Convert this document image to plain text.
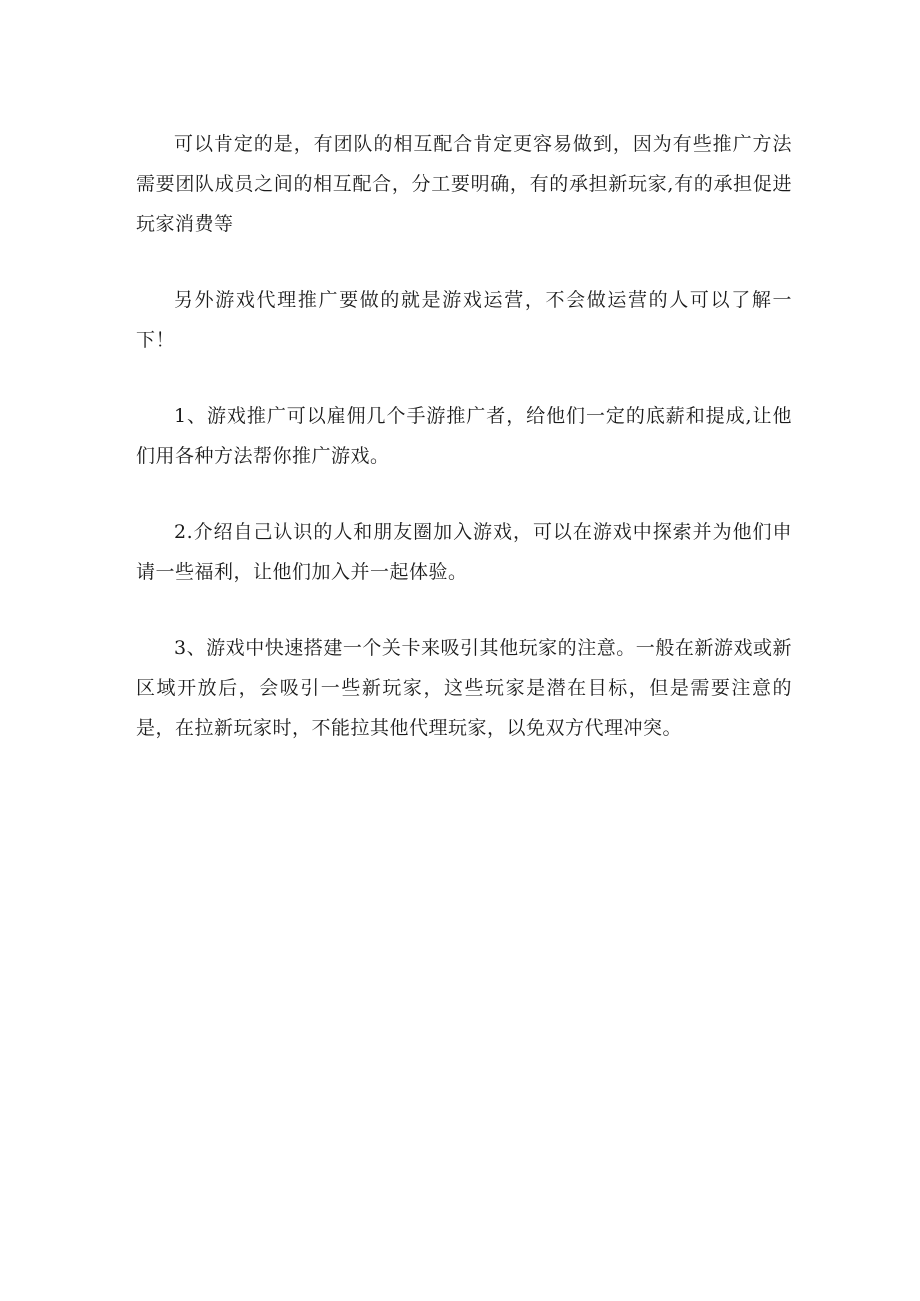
可以肯定的是，有团队的相互配合肯定更容易做到，因为有些推广方法需要团队成员之间的相互配合，分工要明确，有的承担新玩家,有的承担促进玩家消费等

另外游戏代理推广要做的就是游戏运营，不会做运营的人可以了解一下！

1、游戏推广可以雇佣几个手游推广者，给他们一定的底薪和提成,让他们用各种方法帮你推广游戏。

2.介绍自己认识的人和朋友圈加入游戏，可以在游戏中探索并为他们申请一些福利，让他们加入并一起体验。

3、游戏中快速搭建一个关卡来吸引其他玩家的注意。一般在新游戏或新区域开放后，会吸引一些新玩家，这些玩家是潜在目标，但是需要注意的是，在拉新玩家时，不能拉其他代理玩家，以免双方代理冲突。
